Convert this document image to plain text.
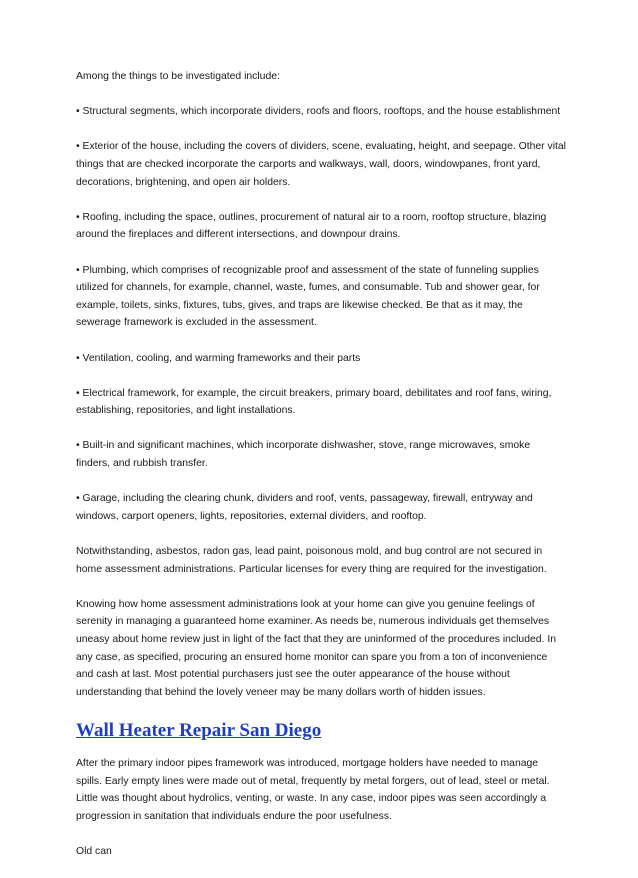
Among the things to be investigated include:

• Structural segments, which incorporate dividers, roofs and floors, rooftops, and the house establishment

• Exterior of the house, including the covers of dividers, scene, evaluating, height, and seepage. Other vital things that are checked incorporate the carports and walkways, wall, doors, windowpanes, front yard, decorations, brightening, and open air holders.

• Roofing, including the space, outlines, procurement of natural air to a room, rooftop structure, blazing around the fireplaces and different intersections, and downpour drains.

• Plumbing, which comprises of recognizable proof and assessment of the state of funneling supplies utilized for channels, for example, channel, waste, fumes, and consumable. Tub and shower gear, for example, toilets, sinks, fixtures, tubs, gives, and traps are likewise checked. Be that as it may, the sewerage framework is excluded in the assessment.

• Ventilation, cooling, and warming frameworks and their parts

• Electrical framework, for example, the circuit breakers, primary board, debilitates and roof fans, wiring, establishing, repositories, and light installations.

• Built-in and significant machines, which incorporate dishwasher, stove, range microwaves, smoke finders, and rubbish transfer.

• Garage, including the clearing chunk, dividers and roof, vents, passageway, firewall, entryway and windows, carport openers, lights, repositories, external dividers, and rooftop.

Notwithstanding, asbestos, radon gas, lead paint, poisonous mold, and bug control are not secured in home assessment administrations. Particular licenses for every thing are required for the investigation.

Knowing how home assessment administrations look at your home can give you genuine feelings of serenity in managing a guaranteed home examiner. As needs be, numerous individuals get themselves uneasy about home review just in light of the fact that they are uninformed of the procedures included. In any case, as specified, procuring an ensured home monitor can spare you from a ton of inconvenience and cash at last. Most potential purchasers just see the outer appearance of the house without understanding that behind the lovely veneer may be many dollars worth of hidden issues.

Wall Heater Repair San Diego

After the primary indoor pipes framework was introduced, mortgage holders have needed to manage spills. Early empty lines were made out of metal, frequently by metal forgers, out of lead, steel or metal. Little was thought about hydrolics, venting, or waste. In any case, indoor pipes was seen accordingly a progression in sanitation that individuals endure the poor usefulness.

Old can
